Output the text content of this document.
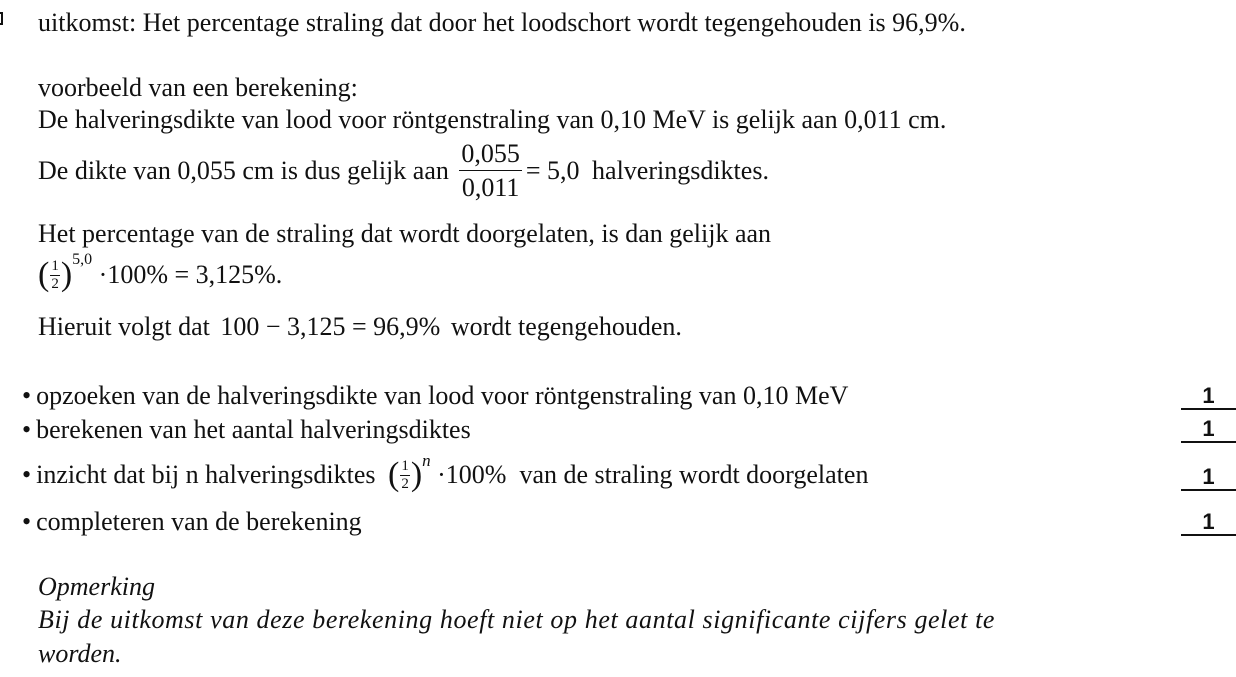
uitkomst: Het percentage straling dat door het loodschort wordt tegengehouden is 96,9%.
voorbeeld van een berekening:
De halveringsdikte van lood voor röntgenstraling van 0,10 MeV is gelijk aan 0,011 cm.
De dikte van 0,055 cm is dus gelijk aan $\frac{0,055}{0,011} = 5,0$ halveringsdiktes.
Het percentage van de straling dat wordt doorgelaten, is dan gelijk aan
( $\frac{1}{2} )^{5,0} \cdot 100\% = 3,125\%$.
Hieruit volgt dat 100 − 3,125 = 96,9% wordt tegengehouden.
• opzoeken van de halveringsdikte van lood voor röntgenstraling van 0,10 MeV	1
• berekenen van het aantal halveringsdiktes	1
• inzicht dat bij n halveringsdiktes ( $\frac{1}{2} )^n \cdot 100\%$  van de straling wordt doorgelaten	1
• completeren van de berekening	1
Opmerking
Bij de uitkomst van deze berekening hoeft niet op het aantal significante cijfers gelet te
worden.
